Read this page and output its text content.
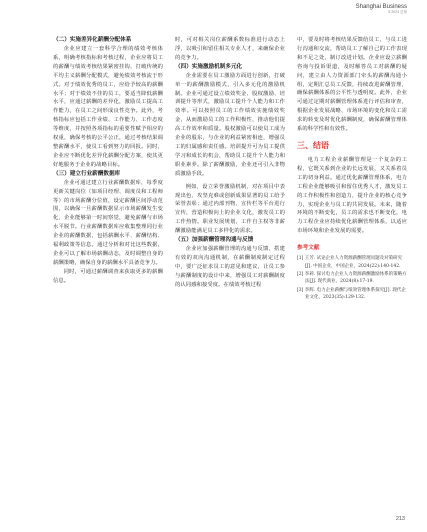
Shanghai Business
5 2024 总第

（二）实施差异化薪酬分配体系

企业应建立一套科学合理的绩效考核体系，明确考核指标和考核过程，企业应将员工的薪酬与绩效考核结果紧密挂钩，打破传统的平均主义薪酬分配模式，避免绩效考核流于形式。对于绩效优秀的员工，应给予较高的薪酬水平；对于绩效不佳的员工，要适当降低薪酬水平，应通过薪酬的差异化，激励员工提高工作能力，在员工之间形成良性竞争。此外，考核指标应包括工作业绩、工作能力、工作态度等维度，并按照各项指标的重要性赋予相应的权重，确保考核的公平公正，通过考核结果调整薪酬水平，使员工看到努力的回报。同时，企业应不断优化差异化薪酬分配方案，使其更好地服务于企业的战略目标。

（三）建立行业薪酬数据库

企业可通过建立行业薪酬数据库，每季度更新关键岗位（如项目经理、调度员和工程师等）的市场薪酬分位值，设定薪酬区间浮动范围，以确保一旦薪酬数据显示市场薪酬发生变化，企业能够第一时间察觉，避免薪酬与市场水平脱节。行业薪酬数据库应收集整理同行业企业的薪酬数据，包括薪酬水平、薪酬结构、福利政策等信息。通过分析和对比这些数据，企业可以了解市场薪酬动态，及时调整自身的薪酬策略，确保自身的薪酬水平具备竞争力。

同时，可通过薪酬调查来获取更多的薪酬信息。

时，可对相关岗位薪酬系数标准进行动态上浮，以吸引和留住相关专业人才，来确保企业的竞争力。

（四）实施激励机制多元化

企业需要在员工激励方面进行创新，打破单一的薪酬激励模式，引入多元化的激励机制。企业可通过设立绩效奖金、股权激励、培训提升等形式，激励员工提升个人能力和工作效率。可以按照员工的工作绩效实施绩效奖金，从而激励员工的工作积极性，推动他们提高工作效率和质量。股权激励可以使员工成为企业的股东，与企业的利益紧密相连，增强员工的归属感和责任感。培训提升可为员工提供学习和成长的机会，帮助员工提升个人能力和职业素养。除了薪酬激励，企业还可引入非物质激励手段。

例如，设立荣誉激励机制，对在项目中表现出色、攻坚克难或创新成果显著的员工给予荣誉表彰；通过内部刊物、宣传栏等平台进行宣传，营造积极向上的企业文化，激发员工的工作热情。职业发展规划，工作自主权等非薪酬激励能满足员工多样化的需求。

（五）加强薪酬管理沟通与反馈

企业应加强薪酬管理的沟通与反馈，搭建有效的双向沟通机制，在薪酬制度制定过程中，要广泛征求员工的意见和建议，让员工参与薪酬制度的设计中来，增强员工对薪酬制度的认同感和接受度。在绩效考核过程

中，要及时将考核结果反馈给员工，与员工进行沟通和交流，帮助员工了解自己的工作表现和不足之处，制订改进计划。企业应设立薪酬咨询与投诉渠道，及时解答员工对薪酬的疑问，建立由人力资源部门牵头的薪酬沟通小组，定期汇总员工反馈，持续改进薪酬管理，确保薪酬体系的公平性与透明度。此外，企业可通过定期对薪酬管理体系进行评估和审查，根据企业发展战略、市场环境的变化和员工需求的转变及时优化薪酬制度，确保薪酬管理体系的科学性和有效性。

三、结语

电力工程企业薪酬管理是一个复杂的工程，它既关系到企业的长远发展，又关系着员工的切身利益。通过优化薪酬管理体系，电力工程企业能够吸引和留住优秀人才，激发员工的工作积极性和创造力，提升企业的核心竞争力，实现企业与员工的共同发展。未来，随着环境的不断变化，员工的需求也不断变化，电力工程企业应持续优化薪酬管理体系，以适应市场环境和企业发展的需要。

参考文献

[1] 王芳. 试论企业人力资源薪酬管理问题及对策研究[J]. 中国企业，中国企业，2024(22):140-142.

[2] 李莉. 探讨电力企业人力资源薪酬激励体系的策略方法[J]. 现代商业，2024(8):17-19.

[3] 李辉. 电力企业薪酬与绩效管理体系探究[J]. 现代企业文化，2023(35):129-132.

213
